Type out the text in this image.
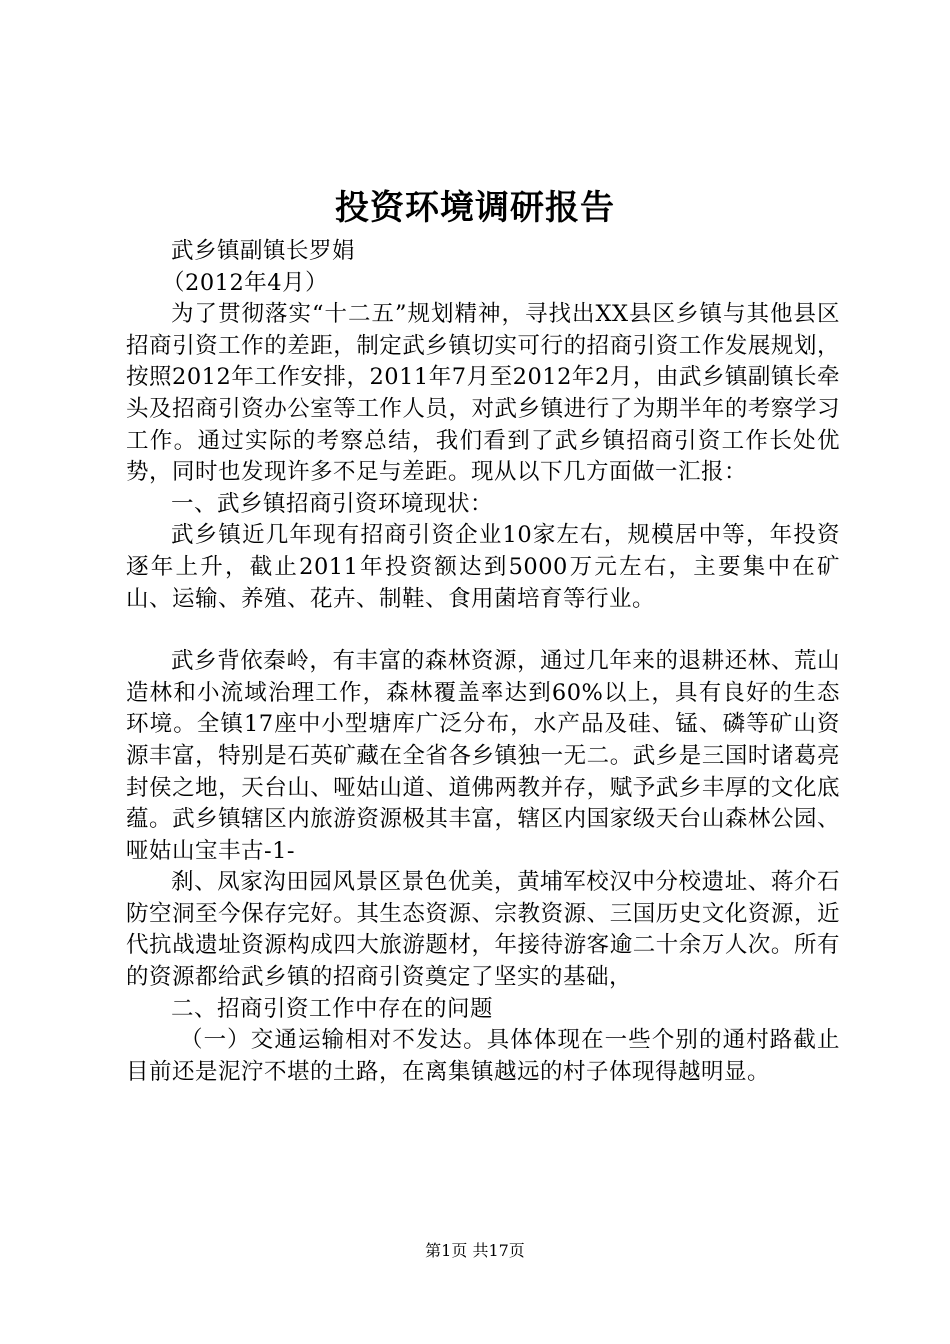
投资环境调研报告

武乡镇副镇长罗娟

（2012年4月）

为了贯彻落实“十二五”规划精神，寻找出XX县区乡镇与其他县区招商引资工作的差距，制定武乡镇切实可行的招商引资工作发展规划，按照2012年工作安排，2011年7月至2012年2月，由武乡镇副镇长牵头及招商引资办公室等工作人员，对武乡镇进行了为期半年的考察学习工作。通过实际的考察总结，我们看到了武乡镇招商引资工作长处优势，同时也发现许多不足与差距。现从以下几方面做一汇报：

一、武乡镇招商引资环境现状：

武乡镇近几年现有招商引资企业10家左右，规模居中等，年投资逐年上升，截止2011年投资额达到5000万元左右，主要集中在矿山、运输、养殖、花卉、制鞋、食用菌培育等行业。

武乡背依秦岭，有丰富的森林资源，通过几年来的退耕还林、荒山造林和小流域治理工作，森林覆盖率达到60%以上，具有良好的生态环境。全镇17座中小型塘库广泛分布，水产品及硅、锰、磷等矿山资源丰富，特别是石英矿藏在全省各乡镇独一无二。武乡是三国时诸葛亮封侯之地，天台山、哑姑山道、道佛两教并存，赋予武乡丰厚的文化底蕴。武乡镇辖区内旅游资源极其丰富，辖区内国家级天台山森林公园、哑姑山宝丰古-1-

刹、凤家沟田园风景区景色优美，黄埔军校汉中分校遗址、蒋介石防空洞至今保存完好。其生态资源、宗教资源、三国历史文化资源，近代抗战遗址资源构成四大旅游题材，年接待游客逾二十余万人次。所有的资源都给武乡镇的招商引资奠定了坚实的基础，

二、招商引资工作中存在的问题

（一）交通运输相对不发达。具体体现在一些个别的通村路截止目前还是泥泞不堪的土路，在离集镇越远的村子体现得越明显。

第1页 共17页
